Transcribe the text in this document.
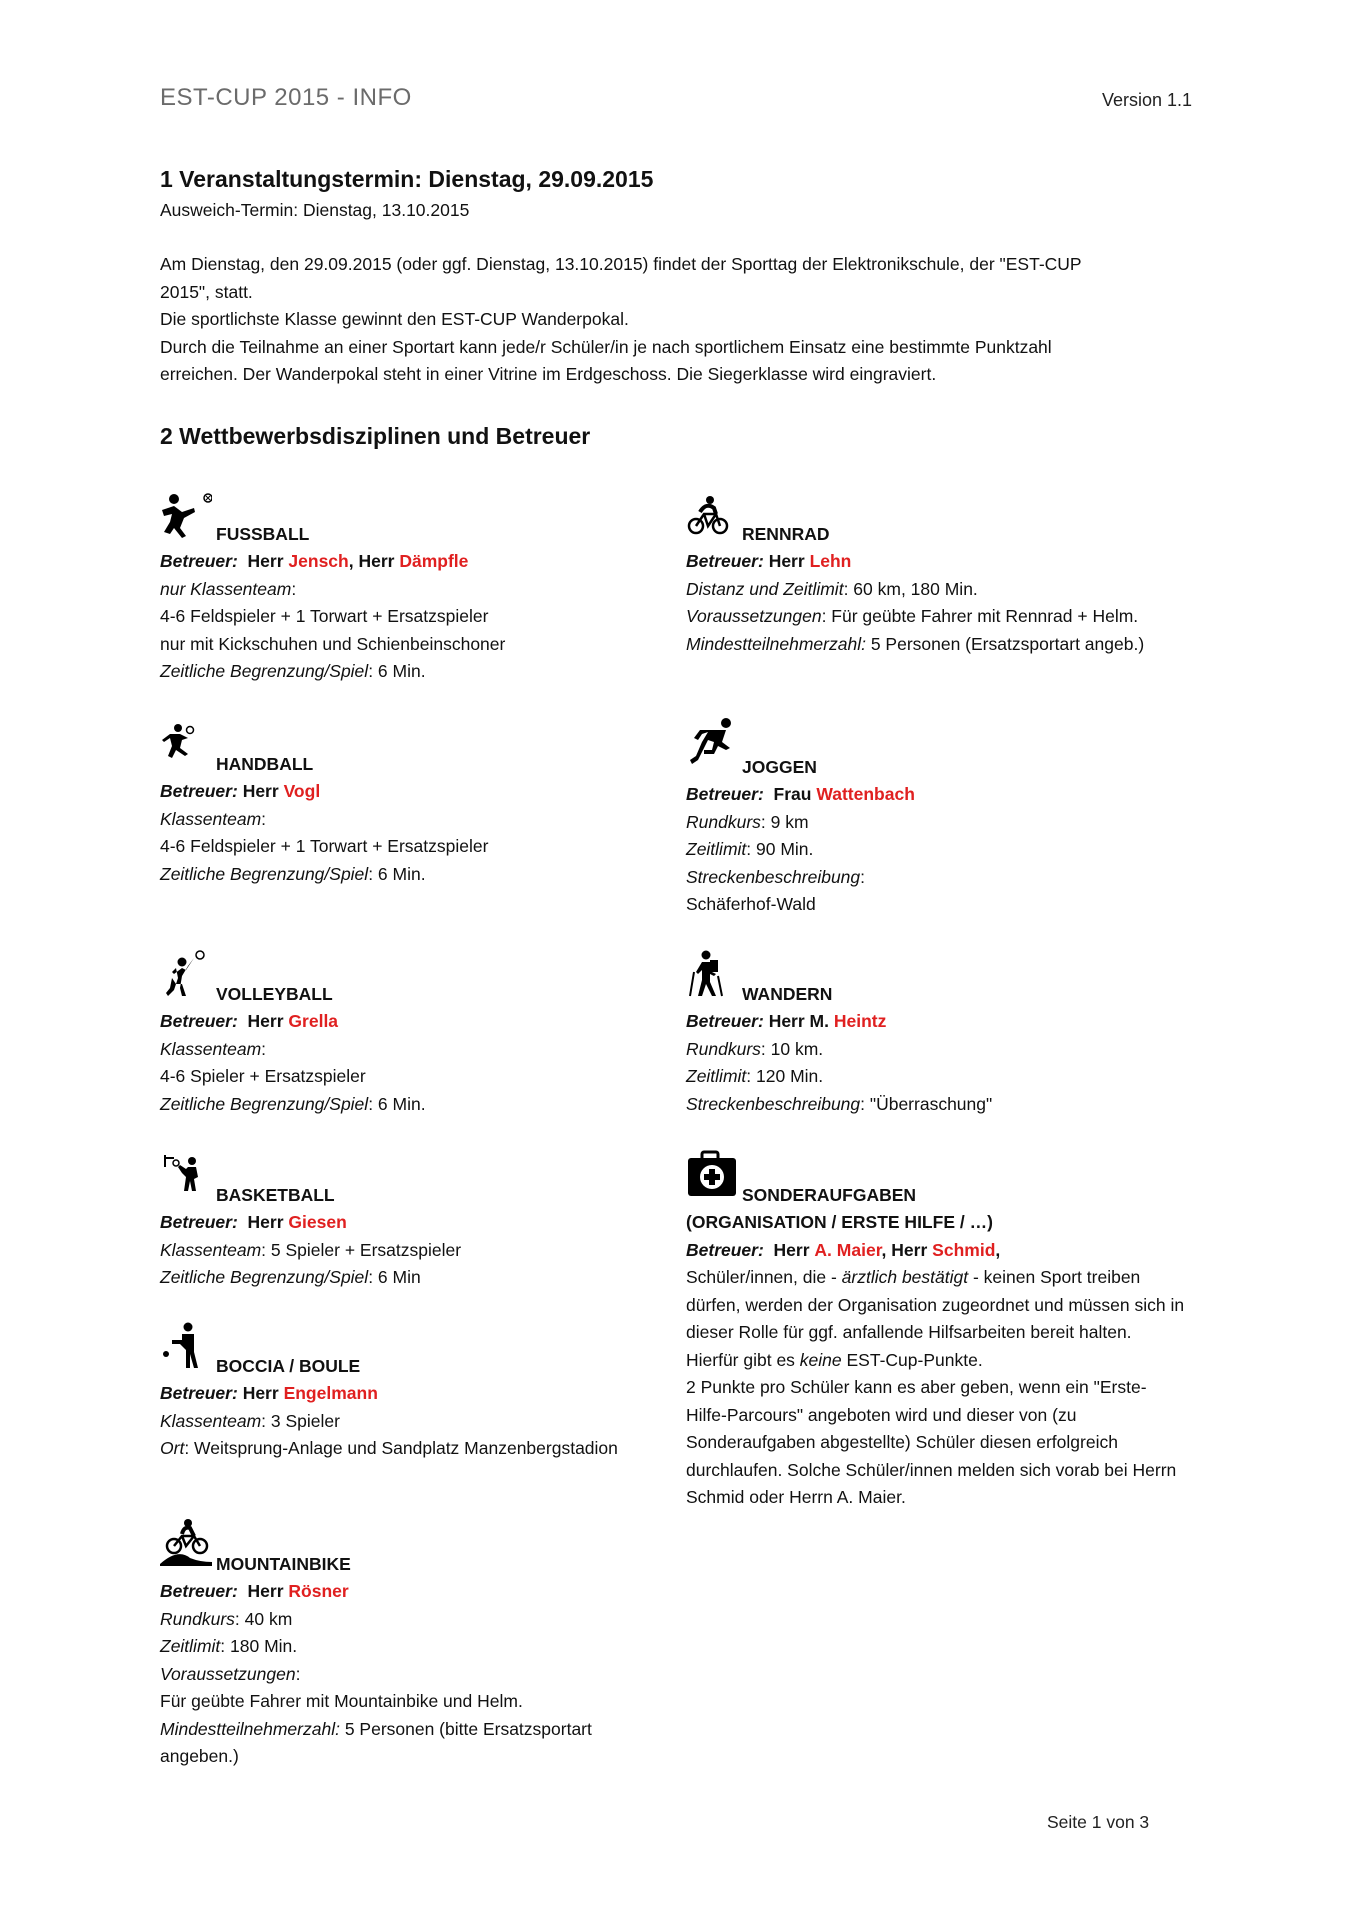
EST-CUP 2015 - INFO	Version 1.1
1 Veranstaltungstermin: Dienstag, 29.09.2015
Ausweich-Termin: Dienstag, 13.10.2015
Am Dienstag, den 29.09.2015 (oder ggf. Dienstag, 13.10.2015) findet der Sporttag der Elektronikschule, der "EST-CUP
2015", statt.
Die sportlichste Klasse gewinnt den EST-CUP Wanderpokal.
Durch die Teilnahme an einer Sportart kann jede/r Schüler/in je nach sportlichem Einsatz eine bestimmte Punktzahl
erreichen. Der Wanderpokal steht in einer Vitrine im Erdgeschoss. Die Siegerklasse wird eingraviert.
2 Wettbewerbsdisziplinen und Betreuer
FUSSBALL
Betreuer: Herr Jensch, Herr Dämpfle
nur Klassenteam:
4-6 Feldspieler + 1 Torwart + Ersatzspieler
nur mit Kickschuhen und Schienbeinschoner
Zeitliche Begrenzung/Spiel: 6 Min.
RENNRAD
Betreuer: Herr Lehn
Distanz und Zeitlimit: 60 km, 180 Min.
Voraussetzungen: Für geübte Fahrer mit Rennrad + Helm.
Mindestteilnehmerzahl: 5 Personen (Ersatzsportart angeb.)
HANDBALL
Betreuer: Herr Vogl
Klassenteam:
4-6 Feldspieler + 1 Torwart + Ersatzspieler
Zeitliche Begrenzung/Spiel: 6 Min.
JOGGEN
Betreuer: Frau Wattenbach
Rundkurs: 9 km
Zeitlimit: 90 Min.
Streckenbeschreibung:
Schäferhof-Wald
VOLLEYBALL
Betreuer: Herr Grella
Klassenteam:
4-6 Spieler + Ersatzspieler
Zeitliche Begrenzung/Spiel: 6 Min.
WANDERN
Betreuer: Herr M. Heintz
Rundkurs: 10 km.
Zeitlimit: 120 Min.
Streckenbeschreibung: "Überraschung"
BASKETBALL
Betreuer: Herr Giesen
Klassenteam: 5 Spieler + Ersatzspieler
Zeitliche Begrenzung/Spiel: 6 Min
SONDERAUFGABEN
(ORGANISATION / ERSTE HILFE / …)
Betreuer: Herr A. Maier, Herr Schmid,
Schüler/innen, die - ärztlich bestätigt - keinen Sport treiben dürfen, werden der Organisation zugeordnet und müssen sich in dieser Rolle für ggf. anfallende Hilfsarbeiten bereit halten. Hierfür gibt es keine EST-Cup-Punkte.
2 Punkte pro Schüler kann es aber geben, wenn ein "Erste-Hilfe-Parcours" angeboten wird und dieser von (zu Sonderaufgaben abgestellte) Schüler diesen erfolgreich durchlaufen. Solche Schüler/innen melden sich vorab bei Herrn Schmid oder Herrn A. Maier.
BOCCIA / BOULE
Betreuer: Herr Engelmann
Klassenteam: 3 Spieler
Ort: Weitsprung-Anlage und Sandplatz Manzenbergstadion
MOUNTAINBIKE
Betreuer: Herr Rösner
Rundkurs: 40 km
Zeitlimit: 180 Min.
Voraussetzungen:
Für geübte Fahrer mit Mountainbike und Helm.
Mindestteilnehmerzahl: 5 Personen (bitte Ersatzsportart angeben.)
Seite 1 von 3
